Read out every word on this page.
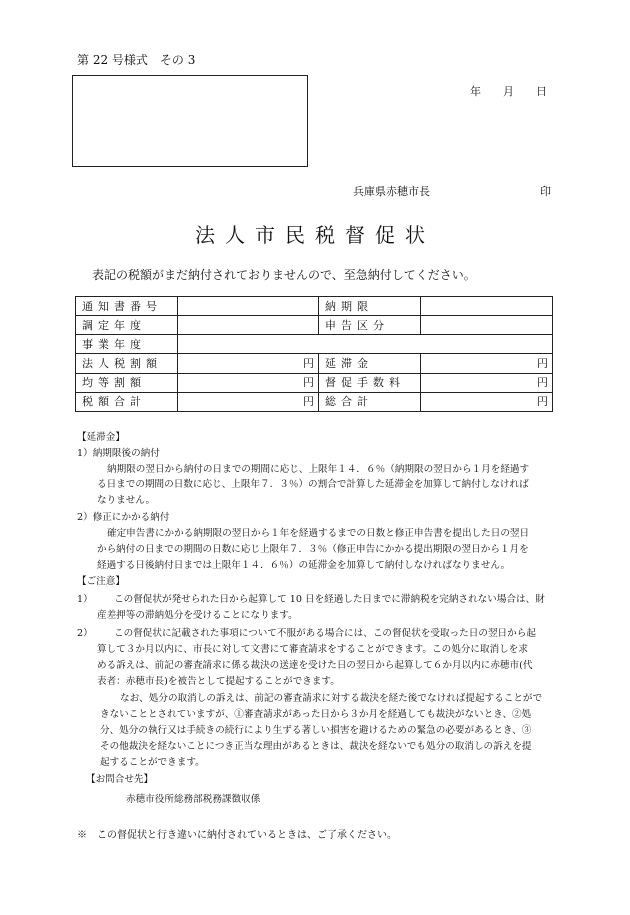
第 22 号様式　その 3
年 月 日
兵庫県赤穂市長	印
法人市民税督促状
表記の税額がまだ納付されておりませんので、至急納付してください。
通知書番号		納期限	
調定年度		申告区分	
事業年度			
法人税割額	円	延滞金	円
均等割額	円	督促手数料	円
税額合計	円	総合計	円
【延滞金】
1）納期限後の納付
納期限の翌日から納付の日までの期間に応じ、上限年１４．６％（納期限の翌日から１月を経過す
る日までの期間の日数に応じ、上限年７．３％）の割合で計算した延滞金を加算して納付しなければ
なりません。
2）修正にかかる納付
確定申告書にかかる納期限の翌日から１年を経過するまでの日数と修正申告書を提出した日の翌日
から納付の日までの期間の日数に応じ上限年７．３％（修正申告にかかる提出期限の翌日から１月を
経過する日後納付日までは上限年１４．６％）の延滞金を加算して納付しなければなりません。
【ご注意】
1） この督促状が発せられた日から起算して 10 日を経過した日までに滞納税を完納されない場合は、財
産差押等の滞納処分を受けることになります。
2） この督促状に記載された事項について不服がある場合には、この督促状を受取った日の翌日から起
算して３か月以内に、市長に対して文書にて審査請求をすることができます。この処分に取消しを求
める訴えは、前記の審査請求に係る裁決の送達を受けた日の翌日から起算して６か月以内に赤穂市(代
表者：赤穂市長)を被告として提起することができます。
なお、処分の取消しの訴えは、前記の審査請求に対する裁決を経た後でなければ提起することがで
きないこととされていますが、①審査請求があった日から３か月を経過しても裁決がないとき、②処
分、処分の執行又は手続きの続行により生ずる著しい損害を避けるための緊急の必要があるとき、③
その他裁決を経ないことにつき正当な理由があるときは、裁決を経ないでも処分の取消しの訴えを提
起することができます。
【お問合せ先】
赤穂市役所総務部税務課徴収係
※　この督促状と行き違いに納付されているときは、ご了承ください。
